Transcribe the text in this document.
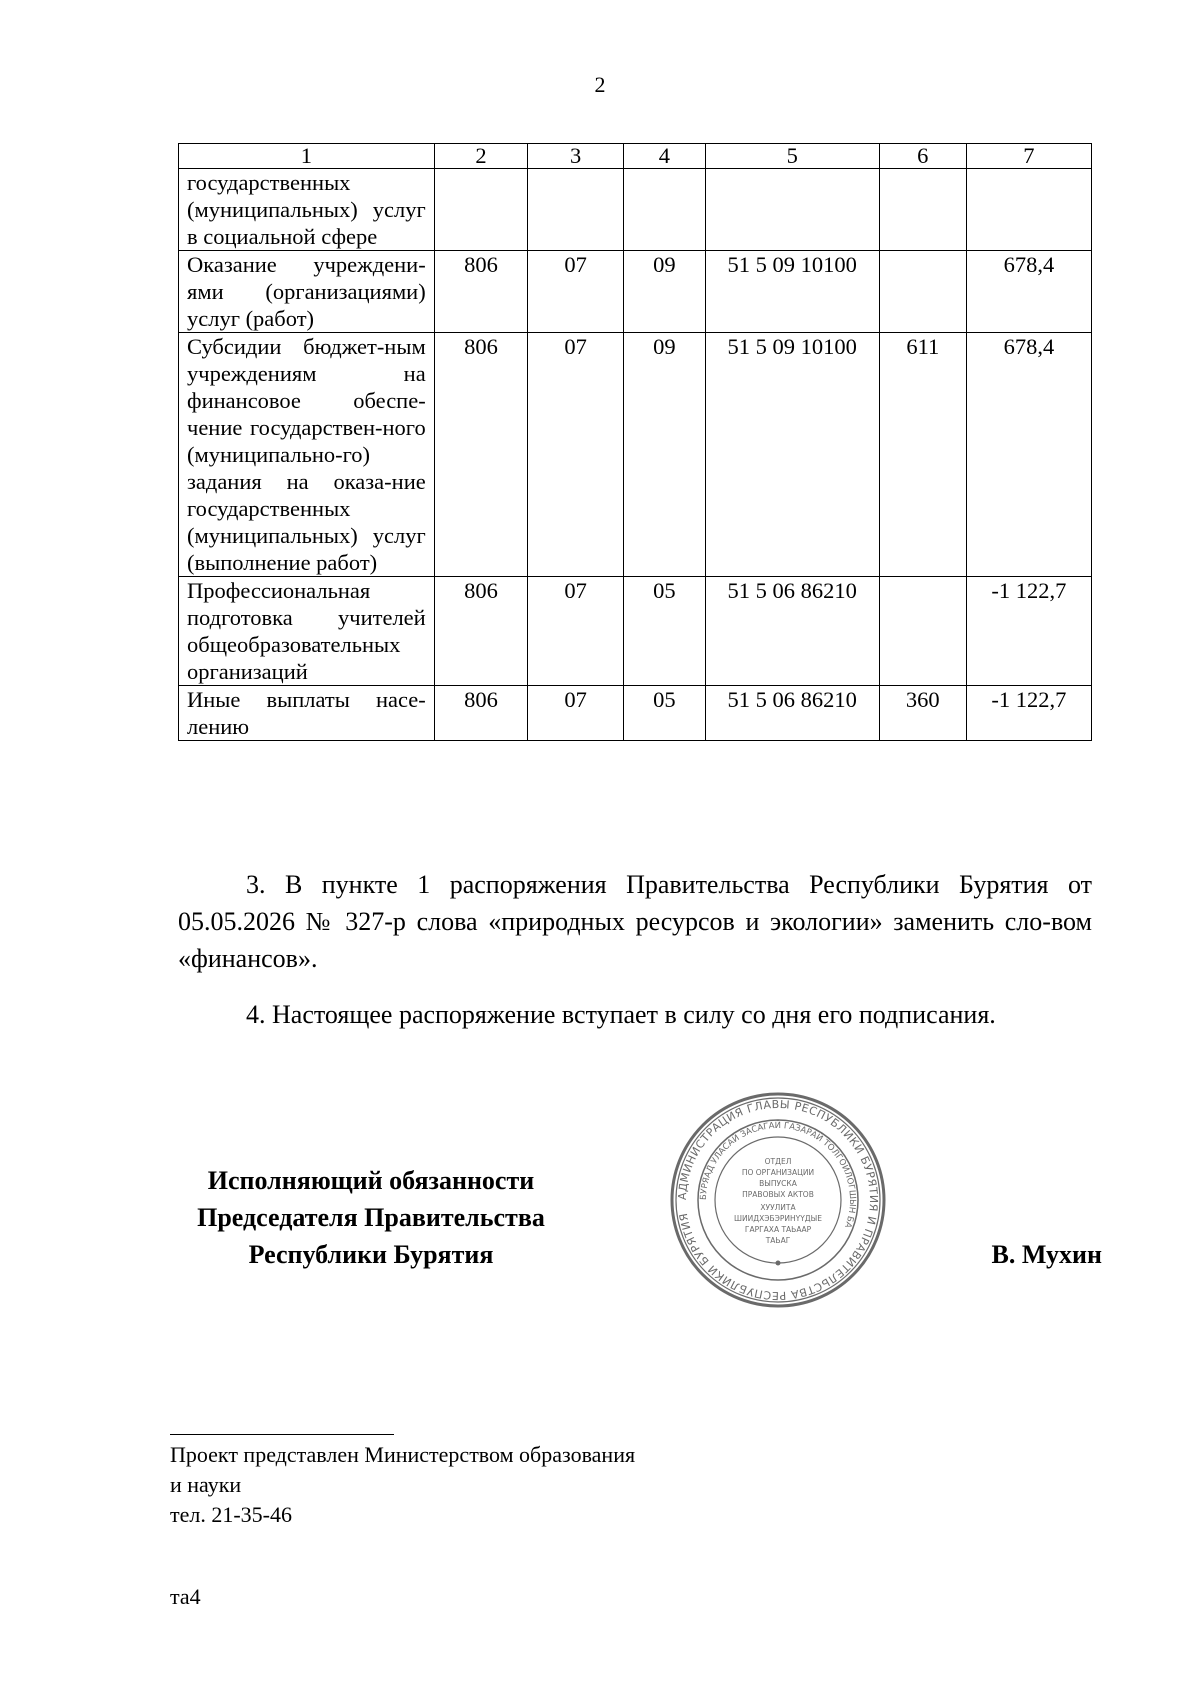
2
1	2	3	4	5	6	7
государственных (муниципальных) услуг в социальной сфере						
Оказание учреждени-ями (организациями) услуг (работ)	806	07	09	51 5 09 10100		678,4
Субсидии бюджет-ным учреждениям на финансовое обеспе-чение государствен-ного (муниципально-го) задания на оказа-ние государственных (муниципальных) услуг (выполнение работ)	806	07	09	51 5 09 10100	611	678,4
Профессиональная подготовка учителей общеобразовательных организаций	806	07	05	51 5 06 86210		-1 122,7
Иные выплаты насе-лению	806	07	05	51 5 06 86210	360	-1 122,7
3. В пункте 1 распоряжения Правительства Республики Бурятия от 05.05.2026 № 327-р слова «природных ресурсов и экологии» заменить сло-вом «финансов».
4. Настоящее распоряжение вступает в силу со дня его подписания.
Исполняющий обязанности
Председателя Правительства
Республики Бурятия
АДМИНИСТРАЦИЯ ГЛАВЫ РЕСПУБЛИКИ БУРЯТИЯ И ПРАВИТЕЛЬСТВА РЕСПУБЛИКИ БУРЯТИЯ
БУРЯАД УЛАСАЙ ЗАСАГАЙ ГАЗАРАЙ ТОЛГОЙЛОГШЫН БА
ОТДЕЛ
ПО ОРГАНИЗАЦИИ
ВЫПУСКА
ПРАВОВЫХ АКТОВ
ХУУЛИТА
ШИИДХЭБЭРИНҮҮДЫЕ
ГАРГАХА ТАЬААР
ТАЬАГ	В. Мухин
Проект представлен Министерством образования
и науки
тел. 21-35-46
та4
